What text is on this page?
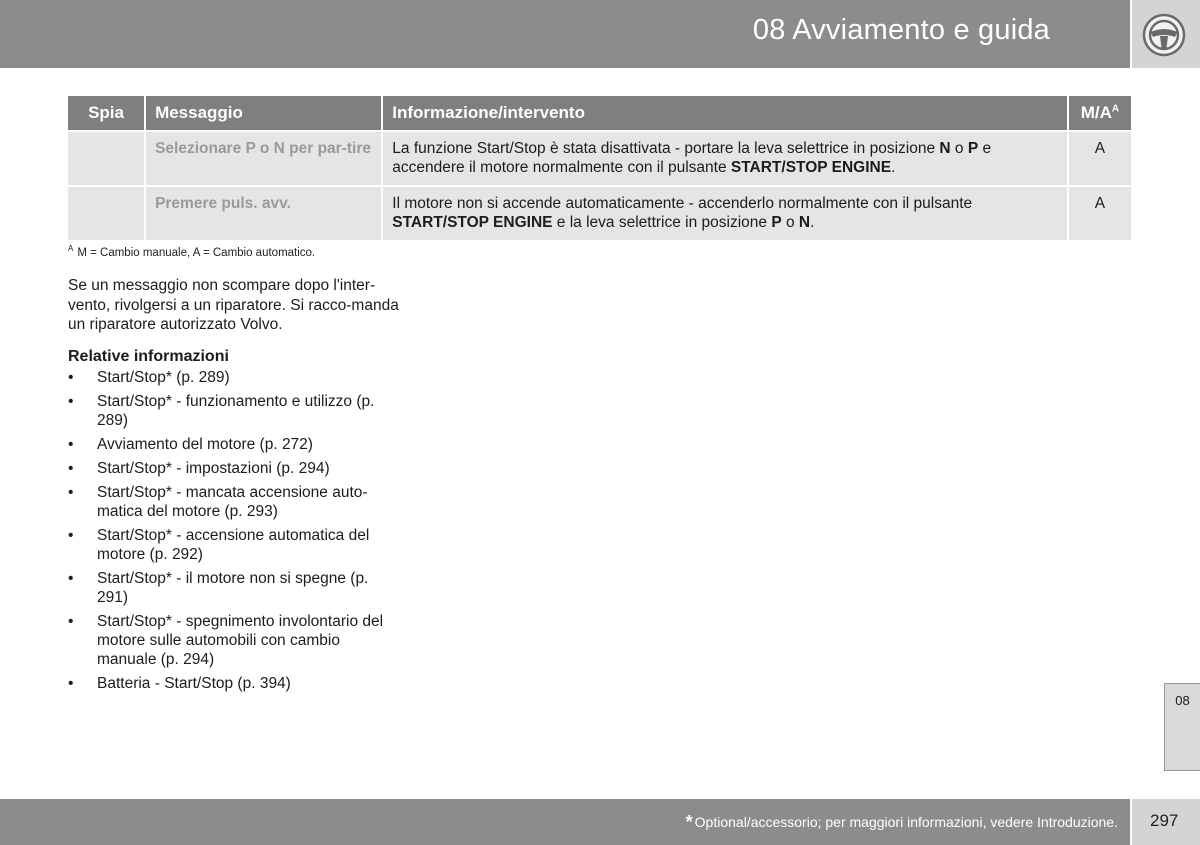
08 Avviamento e guida
Spia	Messaggio	Informazione/intervento	$M/A^A$
	Selezionare P o N per par-tire	La funzione Start/Stop è stata disattivata - portare la leva selettrice in posizione N o P e accendere il motore normalmente con il pulsante START/STOP ENGINE.	A
	Premere puls. avv.	Il motore non si accende automaticamente - accenderlo normalmente con il pulsante START/STOP ENGINE e la leva selettrice in posizione P o N.	A
$^A$ M = Cambio manuale, A = Cambio automatico.

Se un messaggio non scompare dopo l'inter-vento, rivolgersi a un riparatore. Si racco-manda un riparatore autorizzato Volvo.

Relative informazioni
• Start/Stop* (p. 289)
• Start/Stop* - funzionamento e utilizzo (p. 289)
• Avviamento del motore (p. 272)
• Start/Stop* - impostazioni (p. 294)
• Start/Stop* - mancata accensione auto-matica del motore (p. 293)
• Start/Stop* - accensione automatica del motore (p. 292)
• Start/Stop* - il motore non si spegne (p. 291)
• Start/Stop* - spegnimento involontario del motore sulle automobili con cambio manuale (p. 294)
• Batteria - Start/Stop (p. 394)
08
* Optional/accessorio; per maggiori informazioni, vedere Introduzione. 297
